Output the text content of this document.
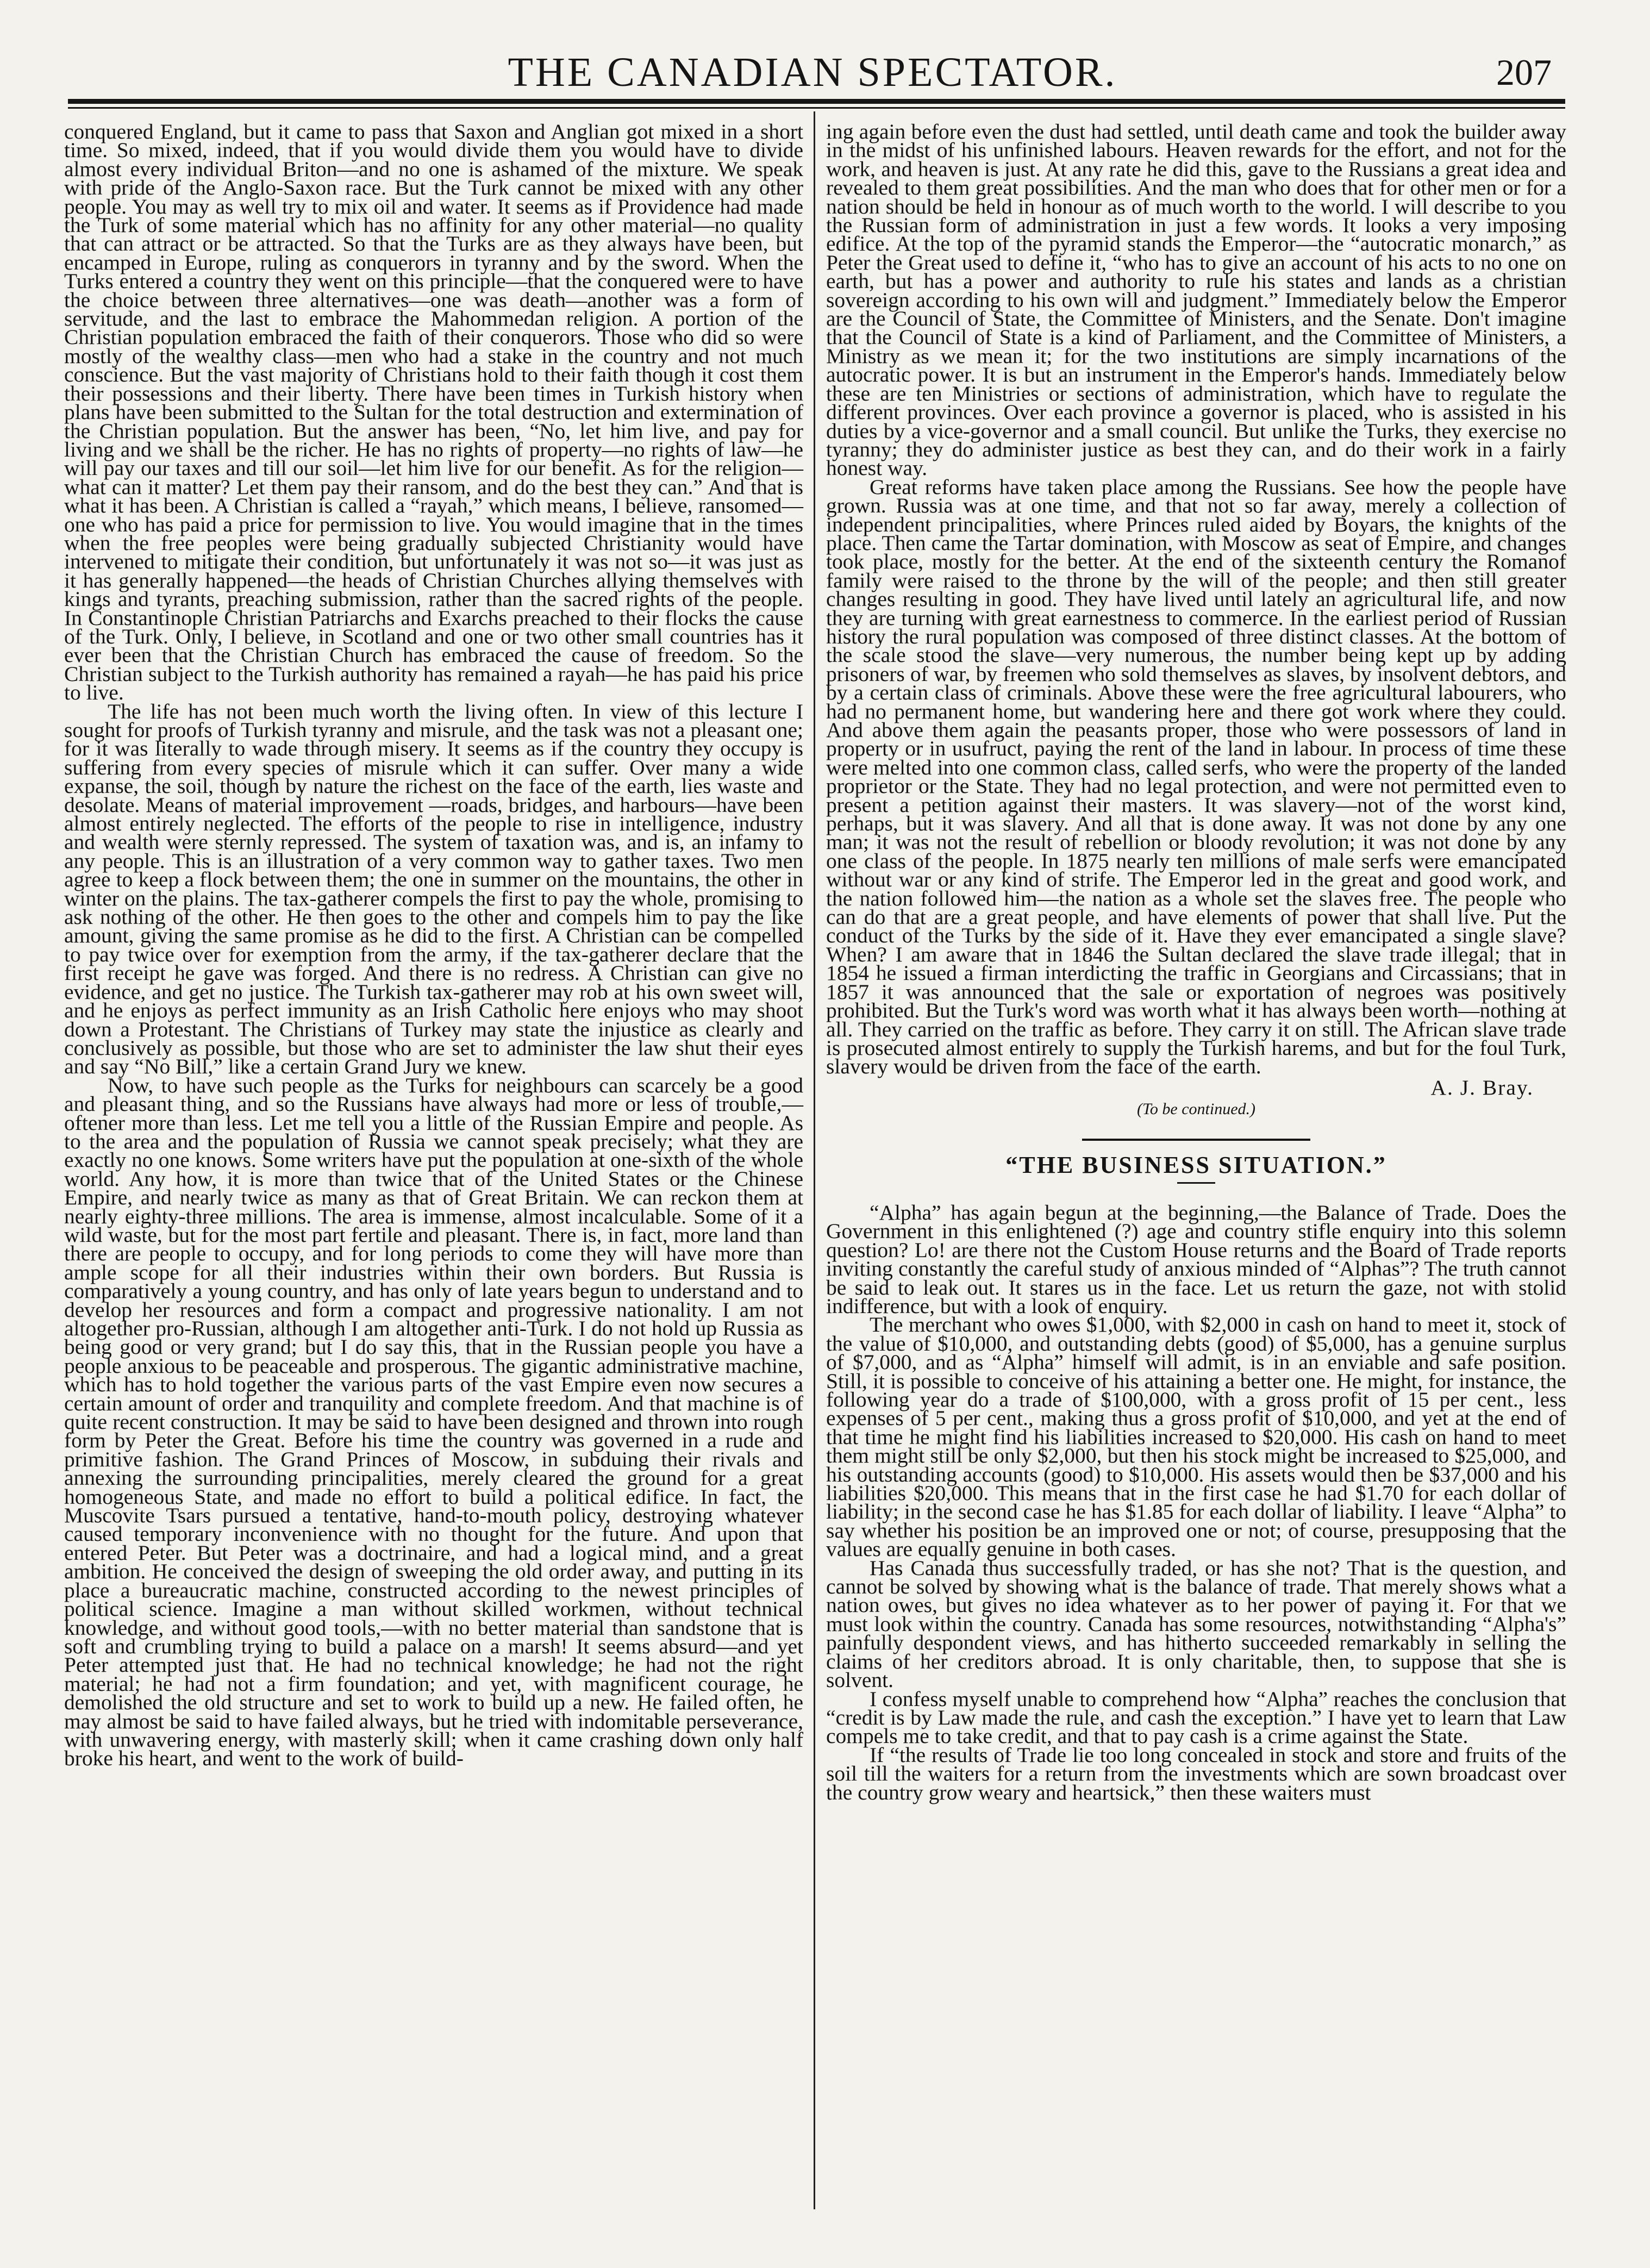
THE CANADIAN SPECTATOR.	207

conquered England, but it came to pass that Saxon and Anglian got mixed in a short time. So mixed, indeed, that if you would divide them you would have to divide almost every individual Briton—and no one is ashamed of the mixture. We speak with pride of the Anglo-Saxon race. But the Turk cannot be mixed with any other people. You may as well try to mix oil and water. It seems as if Providence had made the Turk of some material which has no affinity for any other material—no quality that can attract or be attracted. So that the Turks are as they always have been, but encamped in Europe, ruling as conquerors in tyranny and by the sword. When the Turks entered a country they went on this principle—that the conquered were to have the choice between three alternatives—one was death—another was a form of servitude, and the last to embrace the Mahommedan religion. A portion of the Christian population embraced the faith of their conquerors. Those who did so were mostly of the wealthy class—men who had a stake in the country and not much conscience. But the vast majority of Christians hold to their faith though it cost them their possessions and their liberty. There have been times in Turkish history when plans have been submitted to the Sultan for the total destruction and extermination of the Christian population. But the answer has been, “No, let him live, and pay for living and we shall be the richer. He has no rights of property—no rights of law—he will pay our taxes and till our soil—let him live for our benefit. As for the religion—what can it matter? Let them pay their ransom, and do the best they can.” And that is what it has been. A Christian is called a “rayah,” which means, I believe, ransomed—one who has paid a price for permission to live. You would imagine that in the times when the free peoples were being gradually subjected Christianity would have intervened to mitigate their condition, but unfortunately it was not so—it was just as it has generally happened—the heads of Christian Churches allying themselves with kings and tyrants, preaching submission, rather than the sacred rights of the people. In Constantinople Christian Patriarchs and Exarchs preached to their flocks the cause of the Turk. Only, I believe, in Scotland and one or two other small countries has it ever been that the Christian Church has embraced the cause of freedom. So the Christian subject to the Turkish authority has remained a rayah—he has paid his price to live.

The life has not been much worth the living often. In view of this lecture I sought for proofs of Turkish tyranny and misrule, and the task was not a pleasant one; for it was literally to wade through misery. It seems as if the country they occupy is suffering from every species of misrule which it can suffer. Over many a wide expanse, the soil, though by nature the richest on the face of the earth, lies waste and desolate. Means of material improvement —roads, bridges, and harbours—have been almost entirely neglected. The efforts of the people to rise in intelligence, industry and wealth were sternly repressed. The system of taxation was, and is, an infamy to any people. This is an illustration of a very common way to gather taxes. Two men agree to keep a flock between them; the one in summer on the mountains, the other in winter on the plains. The tax-gatherer compels the first to pay the whole, promising to ask nothing of the other. He then goes to the other and compels him to pay the like amount, giving the same promise as he did to the first. A Christian can be compelled to pay twice over for exemption from the army, if the tax-gatherer declare that the first receipt he gave was forged. And there is no redress. A Christian can give no evidence, and get no justice. The Turkish tax-gatherer may rob at his own sweet will, and he enjoys as perfect immunity as an Irish Catholic here enjoys who may shoot down a Protestant. The Christians of Turkey may state the injustice as clearly and conclusively as possible, but those who are set to administer the law shut their eyes and say “No Bill,” like a certain Grand Jury we knew.

Now, to have such people as the Turks for neighbours can scarcely be a good and pleasant thing, and so the Russians have always had more or less of trouble,—oftener more than less. Let me tell you a little of the Russian Empire and people. As to the area and the population of Russia we cannot speak precisely; what they are exactly no one knows. Some writers have put the population at one-sixth of the whole world. Any how, it is more than twice that of the United States or the Chinese Empire, and nearly twice as many as that of Great Britain. We can reckon them at nearly eighty-three millions. The area is immense, almost incalculable. Some of it a wild waste, but for the most part fertile and pleasant. There is, in fact, more land than there are people to occupy, and for long periods to come they will have more than ample scope for all their industries within their own borders. But Russia is comparatively a young country, and has only of late years begun to understand and to develop her resources and form a compact and progressive nationality. I am not altogether pro-Russian, although I am altogether anti-Turk. I do not hold up Russia as being good or very grand; but I do say this, that in the Russian people you have a people anxious to be peaceable and prosperous. The gigantic administrative machine, which has to hold together the various parts of the vast Empire even now secures a certain amount of order and tranquility and complete freedom. And that machine is of quite recent construction. It may be said to have been designed and thrown into rough form by Peter the Great. Before his time the country was governed in a rude and primitive fashion. The Grand Princes of Moscow, in subduing their rivals and annexing the surrounding principalities, merely cleared the ground for a great homogeneous State, and made no effort to build a political edifice. In fact, the Muscovite Tsars pursued a tentative, hand-to-mouth policy, destroying whatever caused temporary inconvenience with no thought for the future. And upon that entered Peter. But Peter was a doctrinaire, and had a logical mind, and a great ambition. He conceived the design of sweeping the old order away, and putting in its place a bureaucratic machine, constructed according to the newest principles of political science. Imagine a man without skilled workmen, without technical knowledge, and without good tools,—with no better material than sandstone that is soft and crumbling trying to build a palace on a marsh! It seems absurd—and yet Peter attempted just that. He had no technical knowledge; he had not the right material; he had not a firm foundation; and yet, with magnificent courage, he demolished the old structure and set to work to build up a new. He failed often, he may almost be said to have failed always, but he tried with indomitable perseverance, with unwavering energy, with masterly skill; when it came crashing down only half broke his heart, and went to the work of build-

ing again before even the dust had settled, until death came and took the builder away in the midst of his unfinished labours. Heaven rewards for the effort, and not for the work, and heaven is just. At any rate he did this, gave to the Russians a great idea and revealed to them great possibilities. And the man who does that for other men or for a nation should be held in honour as of much worth to the world. I will describe to you the Russian form of administration in just a few words. It looks a very imposing edifice. At the top of the pyramid stands the Emperor—the “autocratic monarch,” as Peter the Great used to define it, “who has to give an account of his acts to no one on earth, but has a power and authority to rule his states and lands as a christian sovereign according to his own will and judgment.” Immediately below the Emperor are the Council of State, the Committee of Ministers, and the Senate. Don't imagine that the Council of State is a kind of Parliament, and the Committee of Ministers, a Ministry as we mean it; for the two institutions are simply incarnations of the autocratic power. It is but an instrument in the Emperor's hands. Immediately below these are ten Ministries or sections of administration, which have to regulate the different provinces. Over each province a governor is placed, who is assisted in his duties by a vice-governor and a small council. But unlike the Turks, they exercise no tyranny; they do administer justice as best they can, and do their work in a fairly honest way.

Great reforms have taken place among the Russians. See how the people have grown. Russia was at one time, and that not so far away, merely a collection of independent principalities, where Princes ruled aided by Boyars, the knights of the place. Then came the Tartar domination, with Moscow as seat of Empire, and changes took place, mostly for the better. At the end of the sixteenth century the Romanof family were raised to the throne by the will of the people; and then still greater changes resulting in good. They have lived until lately an agricultural life, and now they are turning with great earnestness to commerce. In the earliest period of Russian history the rural population was composed of three distinct classes. At the bottom of the scale stood the slave—very numerous, the number being kept up by adding prisoners of war, by freemen who sold themselves as slaves, by insolvent debtors, and by a certain class of criminals. Above these were the free agricultural labourers, who had no permanent home, but wandering here and there got work where they could. And above them again the peasants proper, those who were possessors of land in property or in usufruct, paying the rent of the land in labour. In process of time these were melted into one common class, called serfs, who were the property of the landed proprietor or the State. They had no legal protection, and were not permitted even to present a petition against their masters. It was slavery—not of the worst kind, perhaps, but it was slavery. And all that is done away. It was not done by any one man; it was not the result of rebellion or bloody revolution; it was not done by any one class of the people. In 1875 nearly ten millions of male serfs were emancipated without war or any kind of strife. The Emperor led in the great and good work, and the nation followed him—the nation as a whole set the slaves free. The people who can do that are a great people, and have elements of power that shall live. Put the conduct of the Turks by the side of it. Have they ever emancipated a single slave? When? I am aware that in 1846 the Sultan declared the slave trade illegal; that in 1854 he issued a firman interdicting the traffic in Georgians and Circassians; that in 1857 it was announced that the sale or exportation of negroes was positively prohibited. But the Turk's word was worth what it has always been worth—nothing at all. They carried on the traffic as before. They carry it on still. The African slave trade is prosecuted almost entirely to supply the Turkish harems, and but for the foul Turk, slavery would be driven from the face of the earth.

A. J. Bray.
(To be continued.)
“THE BUSINESS SITUATION.”

“Alpha” has again begun at the beginning,—the Balance of Trade. Does the Government in this enlightened (?) age and country stifle enquiry into this solemn question? Lo! are there not the Custom House returns and the Board of Trade reports inviting constantly the careful study of anxious minded of “Alphas”? The truth cannot be said to leak out. It stares us in the face. Let us return the gaze, not with stolid indifference, but with a look of enquiry.

The merchant who owes $1,000, with $2,000 in cash on hand to meet it, stock of the value of $10,000, and outstanding debts (good) of $5,000, has a genuine surplus of $7,000, and as “Alpha” himself will admit, is in an enviable and safe position. Still, it is possible to conceive of his attaining a better one. He might, for instance, the following year do a trade of $100,000, with a gross profit of 15 per cent., less expenses of 5 per cent., making thus a gross profit of $10,000, and yet at the end of that time he might find his liabilities increased to $20,000. His cash on hand to meet them might still be only $2,000, but then his stock might be increased to $25,000, and his outstanding accounts (good) to $10,000. His assets would then be $37,000 and his liabilities $20,000. This means that in the first case he had $1.70 for each dollar of liability; in the second case he has $1.85 for each dollar of liability. I leave “Alpha” to say whether his position be an improved one or not; of course, presupposing that the values are equally genuine in both cases.

Has Canada thus successfully traded, or has she not? That is the question, and cannot be solved by showing what is the balance of trade. That merely shows what a nation owes, but gives no idea whatever as to her power of paying it. For that we must look within the country. Canada has some resources, notwithstanding “Alpha's” painfully despondent views, and has hitherto succeeded remarkably in selling the claims of her creditors abroad. It is only charitable, then, to suppose that she is solvent.

I confess myself unable to comprehend how “Alpha” reaches the conclusion that “credit is by Law made the rule, and cash the exception.” I have yet to learn that Law compels me to take credit, and that to pay cash is a crime against the State.

If “the results of Trade lie too long concealed in stock and store and fruits of the soil till the waiters for a return from the investments which are sown broadcast over the country grow weary and heartsick,” then these waiters must
